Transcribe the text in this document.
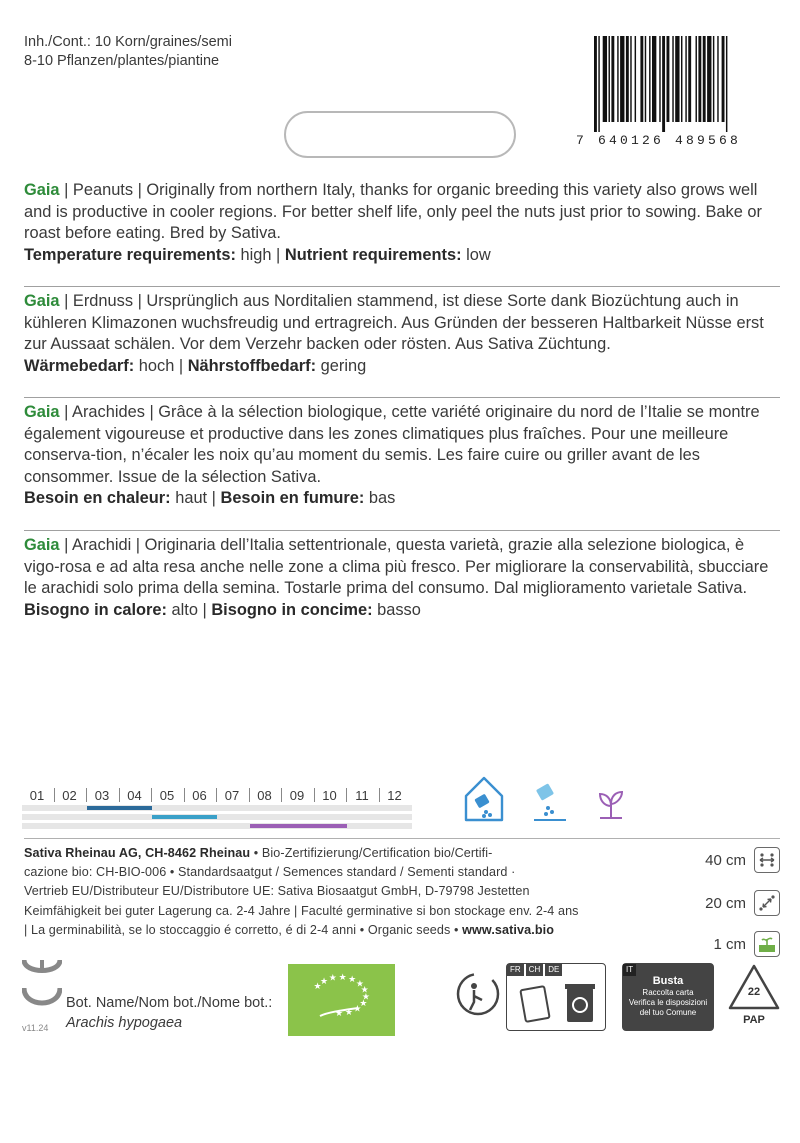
Inh./Cont.: 10 Korn/graines/semi
8-10 Pflanzen/plantes/piantine
7 640126 489568
Gaia | Peanuts | Originally from northern Italy, thanks for organic breeding this variety also grows well and is productive in cooler regions. For better shelf life, only peel the nuts just prior to sowing. Bake or roast before eating. Bred by Sativa.
Temperature requirements: high | Nutrient requirements: low
Gaia | Erdnuss | Ursprünglich aus Norditalien stammend, ist diese Sorte dank Biozüchtung auch in kühleren Klimazonen wuchsfreudig und ertragreich. Aus Gründen der besseren Haltbarkeit Nüsse erst zur Aussaat schälen. Vor dem Verzehr backen oder rösten. Aus Sativa Züchtung.
Wärmebedarf: hoch | Nährstoffbedarf: gering
Gaia | Arachides | Grâce à la sélection biologique, cette variété originaire du nord de l’Italie se montre également vigoureuse et productive dans les zones climatiques plus fraîches. Pour une meilleure conserva-tion, n’écaler les noix qu’au moment du semis. Les faire cuire ou griller avant de les consommer. Issue de la sélection Sativa.
Besoin en chaleur: haut | Besoin en fumure: bas
Gaia | Arachidi | Originaria dell’Italia settentrionale, questa varietà, grazie alla selezione biologica, è vigo-rosa e ad alta resa anche nelle zone a clima più fresco. Per migliorare la conservabilità, sbucciare le arachidi solo prima della semina. Tostarle prima del consumo. Dal miglioramento varietale Sativa.
Bisogno in calore: alto | Bisogno in concime: basso
01	02	03	04	05	06	07	08	09	10	11	12
Sativa Rheinau AG, CH-8462 Rheinau • Bio-Zertifizierung/Certification bio/Certifi-
cazione bio: CH-BIO-006 • Standardsaatgut / Semences standard / Sementi standard ·
Vertrieb EU/Distributeur EU/Distributore UE: Sativa Biosaatgut GmbH, D-79798 Jestetten
Keimfähigkeit bei guter Lagerung ca. 2-4 Jahre | Faculté germinative si bon stockage env. 2-4 ans
| La germinabilità, se lo stoccaggio é corretto, é di 2-4 anni • Organic seeds • www.sativa.bio
40 cm
20 cm
1 cm
Bot. Name/Nom bot./Nome bot.:
Arachis hypogaea
v11.24
★
★ ★ ★ ★ ★
★
★
★
★
★
★
FR	CH	DE	IT
Busta
Raccolta carta
Verifica le disposizioni
del tuo Comune
22
PAP
